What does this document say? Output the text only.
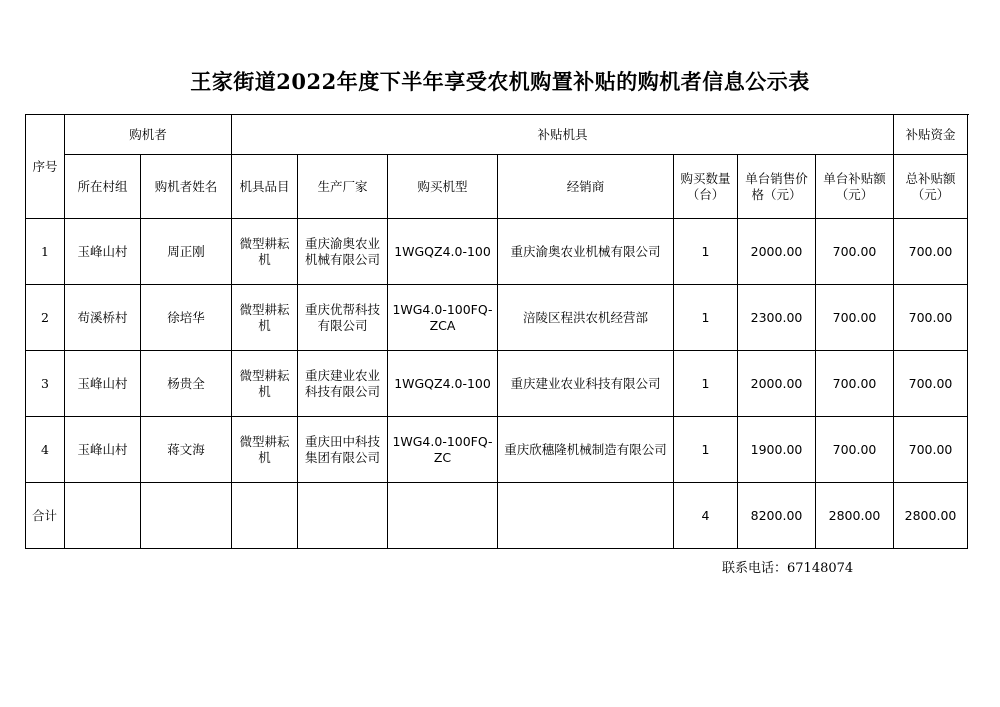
王家街道2022年度下半年享受农机购置补贴的购机者信息公示表
序号	购机者		补贴机具							补贴资金
	所在村组	购机者姓名	机具品目	生产厂家	购买机型	经销商	购买数量（台）	单台销售价格（元）	单台补贴额（元）	总补贴额（元）
1	玉峰山村	周正刚	微型耕耘机	重庆渝奥农业机械有限公司	1WGQZ4.0-100	重庆渝奥农业机械有限公司	1	2000.00	700.00	700.00
2	苟溪桥村	徐培华	微型耕耘机	重庆优帮科技有限公司	1WG4.0-100FQ-ZCA	涪陵区程洪农机经营部	1	2300.00	700.00	700.00
3	玉峰山村	杨贵全	微型耕耘机	重庆建业农业科技有限公司	1WGQZ4.0-100	重庆建业农业科技有限公司	1	2000.00	700.00	700.00
4	玉峰山村	蒋文海	微型耕耘机	重庆田中科技集团有限公司	1WG4.0-100FQ-ZC	重庆欣穗隆机械制造有限公司	1	1900.00	700.00	700.00
合计							4	8200.00	2800.00	2800.00
联系电话：67148074
